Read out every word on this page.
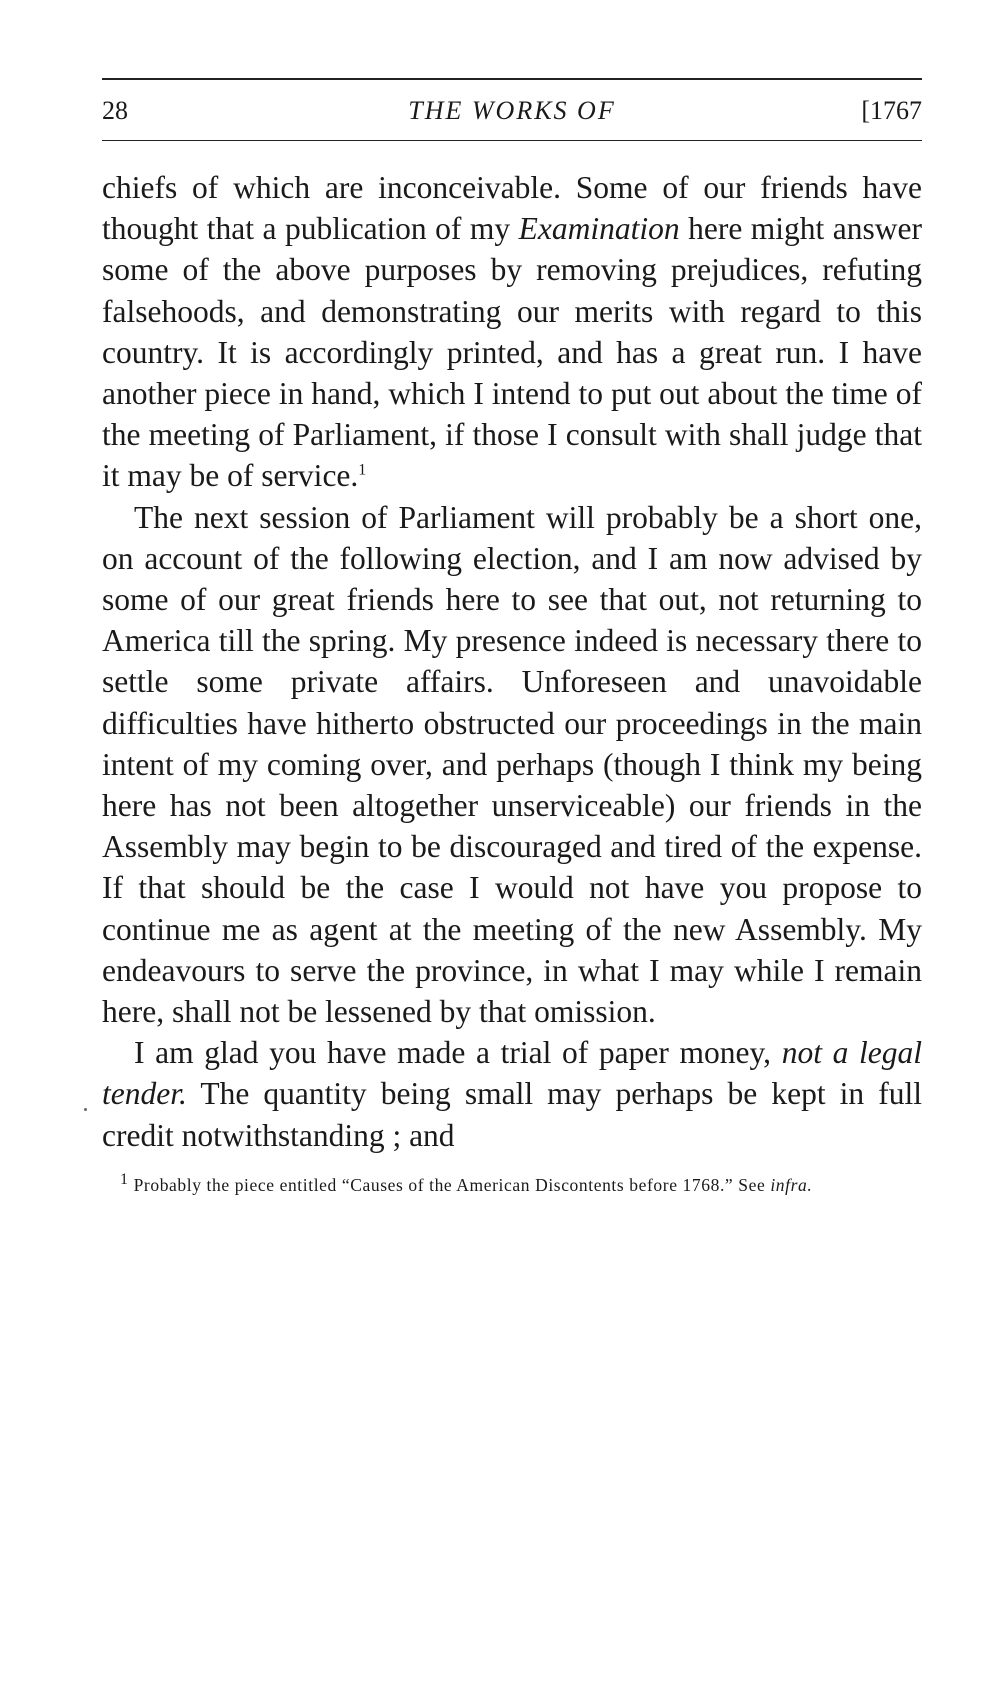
28	THE WORKS OF	[1767

chiefs of which are inconceivable. Some of our friends have thought that a publication of my Examination here might answer some of the above purposes by removing prejudices, refuting falsehoods, and demonstrating our merits with regard to this country. It is accordingly printed, and has a great run. I have another piece in hand, which I intend to put out about the time of the meeting of Parliament, if those I consult with shall judge that it may be of service.$^1$

The next session of Parliament will probably be a short one, on account of the following election, and I am now advised by some of our great friends here to see that out, not returning to America till the spring. My presence indeed is necessary there to settle some private affairs. Unforeseen and unavoidable difficulties have hitherto obstructed our proceedings in the main intent of my coming over, and perhaps (though I think my being here has not been altogether unserviceable) our friends in the Assembly may begin to be discouraged and tired of the expense. If that should be the case I would not have you propose to continue me as agent at the meeting of the new Assembly. My endeavours to serve the province, in what I may while I remain here, shall not be lessened by that omission.

I am glad you have made a trial of paper money, not a legal tender. The quantity being small may perhaps be kept in full credit notwithstanding ; and

$^1$ Probably the piece entitled “Causes of the American Discontents before 1768.” See infra.
